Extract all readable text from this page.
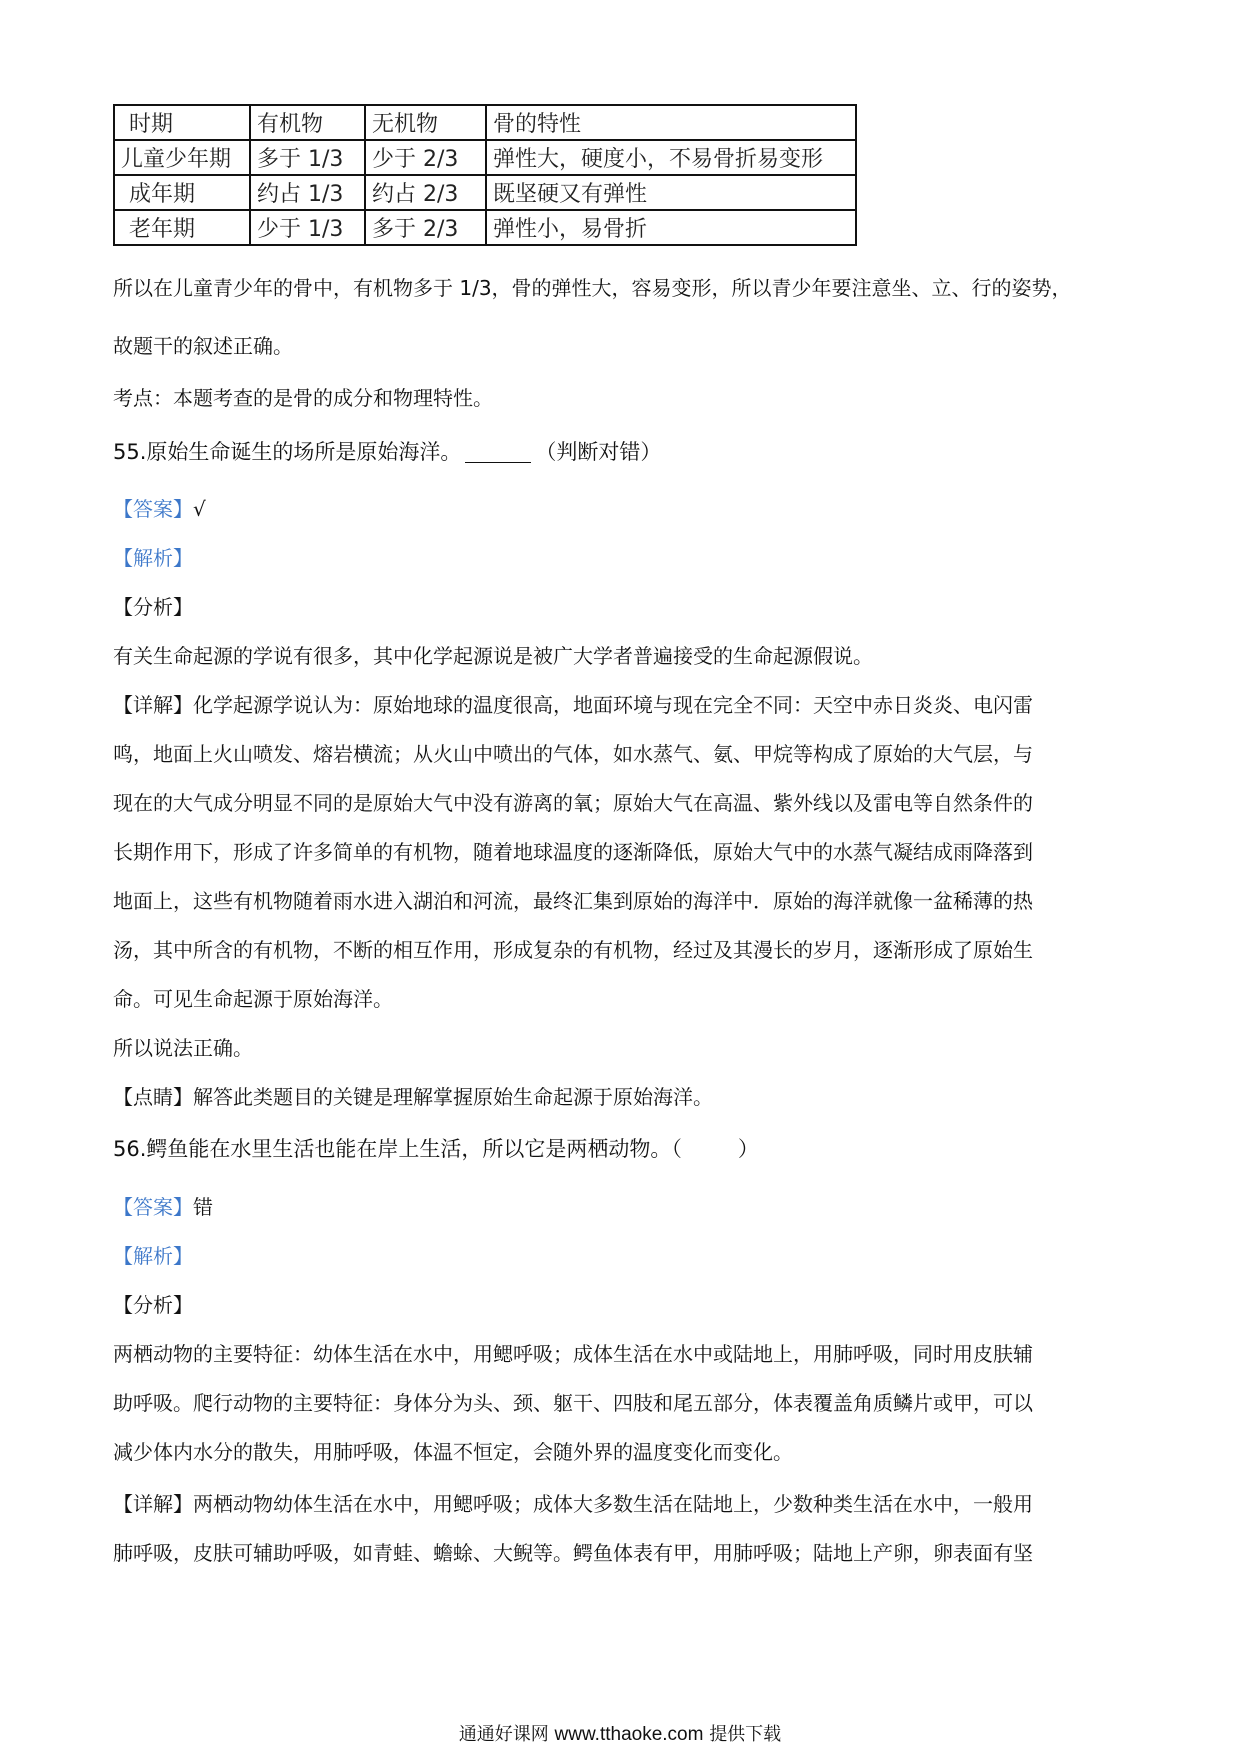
时期	有机物	无机物	骨的特性
儿童少年期	多于 1/3	少于 2/3	弹性大，硬度小，不易骨折易变形
成年期	约占 1/3	约占 2/3	既坚硬又有弹性
老年期	少于 1/3	多于 2/3	弹性小，易骨折
所以在儿童青少年的骨中，有机物多于 1/3，骨的弹性大，容易变形，所以青少年要注意坐、立、行的姿势，
故题干的叙述正确。
考点：本题考查的是骨的成分和物理特性。
55.原始生命诞生的场所是原始海洋。	（判断对错）
【答案】√
【解析】
【分析】
有关生命起源的学说有很多，其中化学起源说是被广大学者普遍接受的生命起源假说。
【详解】化学起源学说认为：原始地球的温度很高，地面环境与现在完全不同：天空中赤日炎炎、电闪雷
鸣，地面上火山喷发、熔岩横流；从火山中喷出的气体，如水蒸气、氨、甲烷等构成了原始的大气层，与
现在的大气成分明显不同的是原始大气中没有游离的氧；原始大气在高温、紫外线以及雷电等自然条件的
长期作用下，形成了许多简单的有机物，随着地球温度的逐渐降低，原始大气中的水蒸气凝结成雨降落到
地面上，这些有机物随着雨水进入湖泊和河流，最终汇集到原始的海洋中．原始的海洋就像一盆稀薄的热
汤，其中所含的有机物，不断的相互作用，形成复杂的有机物，经过及其漫长的岁月，逐渐形成了原始生
命。可见生命起源于原始海洋。
所以说法正确。
【点睛】解答此类题目的关键是理解掌握原始生命起源于原始海洋。
56.鳄鱼能在水里生活也能在岸上生活，所以它是两栖动物。（	）
【答案】错
【解析】
【分析】
两栖动物的主要特征：幼体生活在水中，用鳃呼吸；成体生活在水中或陆地上，用肺呼吸，同时用皮肤辅
助呼吸。爬行动物的主要特征：身体分为头、颈、躯干、四肢和尾五部分，体表覆盖角质鳞片或甲，可以
减少体内水分的散失，用肺呼吸，体温不恒定，会随外界的温度变化而变化。
【详解】两栖动物幼体生活在水中，用鳃呼吸；成体大多数生活在陆地上，少数种类生活在水中，一般用
肺呼吸，皮肤可辅助呼吸，如青蛙、蟾蜍、大鲵等。鳄鱼体表有甲，用肺呼吸；陆地上产卵，卵表面有坚
通通好课网 www.tthaoke.com 提供下载
